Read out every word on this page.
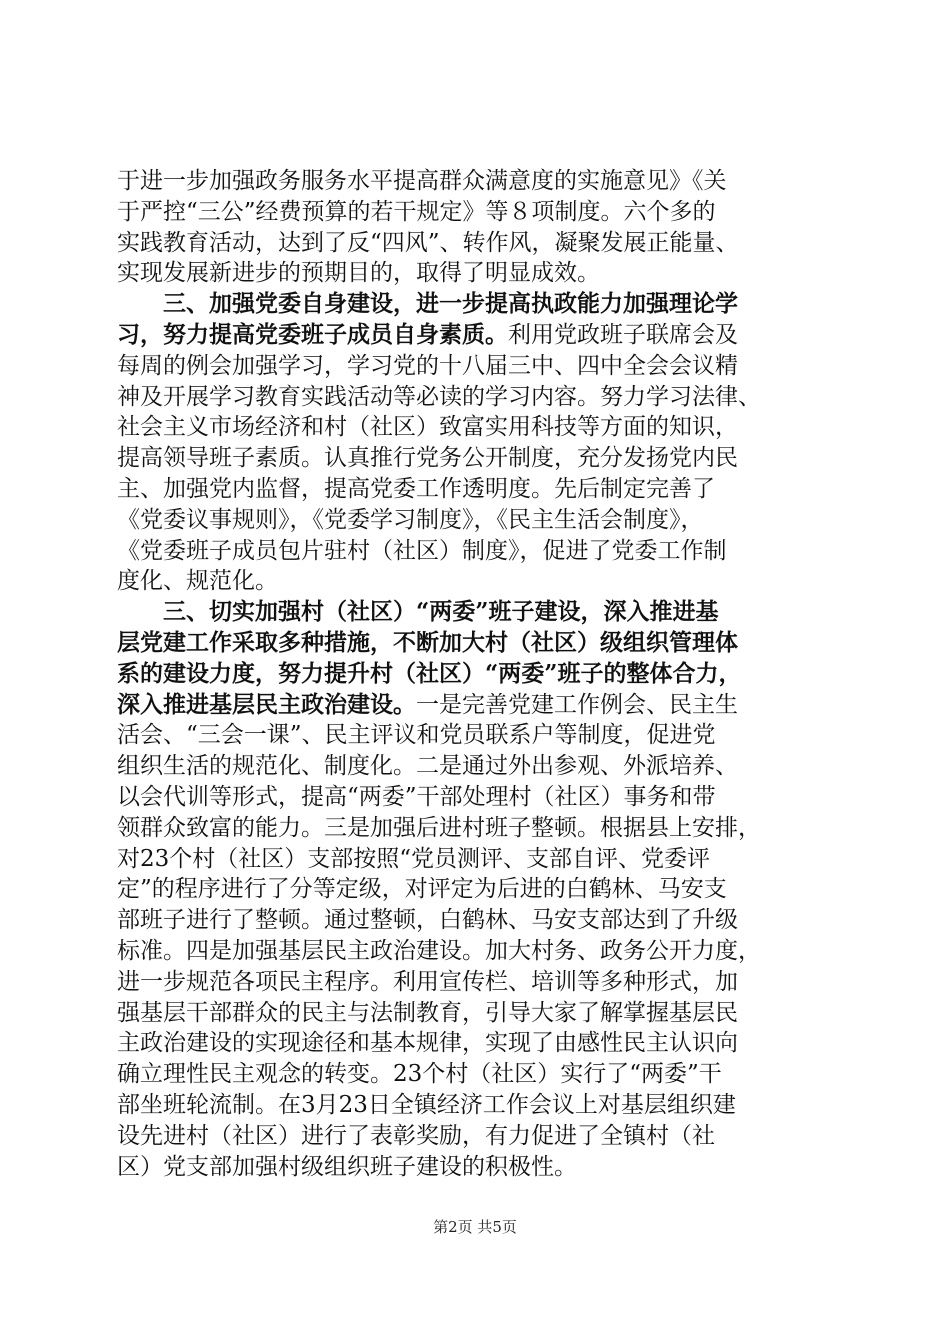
于进一步加强政务服务水平提高群众满意度的实施意见》《关
于严控“三公”经费预算的若干规定》等８项制度。六个多的
实践教育活动，达到了反“四风”、转作风，凝聚发展正能量、
实现发展新进步的预期目的，取得了明显成效。
三、加强党委自身建设，进一步提高执政能力加强理论学
习，努力提高党委班子成员自身素质。利用党政班子联席会及
每周的例会加强学习，学习党的十八届三中、四中全会会议精
神及开展学习教育实践活动等必读的学习内容。努力学习法律、
社会主义市场经济和村（社区）致富实用科技等方面的知识，
提高领导班子素质。认真推行党务公开制度，充分发扬党内民
主、加强党内监督，提高党委工作透明度。先后制定完善了
《党委议事规则》，《党委学习制度》，《民主生活会制度》，
《党委班子成员包片驻村（社区）制度》，促进了党委工作制
度化、规范化。
三、切实加强村（社区）“两委”班子建设，深入推进基
层党建工作采取多种措施，不断加大村（社区）级组织管理体
系的建设力度，努力提升村（社区）“两委”班子的整体合力，
深入推进基层民主政治建设。一是完善党建工作例会、民主生
活会、“三会一课”、民主评议和党员联系户等制度，促进党
组织生活的规范化、制度化。二是通过外出参观、外派培养、
以会代训等形式，提高“两委”干部处理村（社区）事务和带
领群众致富的能力。三是加强后进村班子整顿。根据县上安排，
对23个村（社区）支部按照“党员测评、支部自评、党委评
定”的程序进行了分等定级，对评定为后进的白鹤林、马安支
部班子进行了整顿。通过整顿，白鹤林、马安支部达到了升级
标准。四是加强基层民主政治建设。加大村务、政务公开力度，
进一步规范各项民主程序。利用宣传栏、培训等多种形式，加
强基层干部群众的民主与法制教育，引导大家了解掌握基层民
主政治建设的实现途径和基本规律，实现了由感性民主认识向
确立理性民主观念的转变。23个村（社区）实行了“两委”干
部坐班轮流制。在3月23日全镇经济工作会议上对基层组织建
设先进村（社区）进行了表彰奖励，有力促进了全镇村（社
区）党支部加强村级组织班子建设的积极性。
第2页 共5页
